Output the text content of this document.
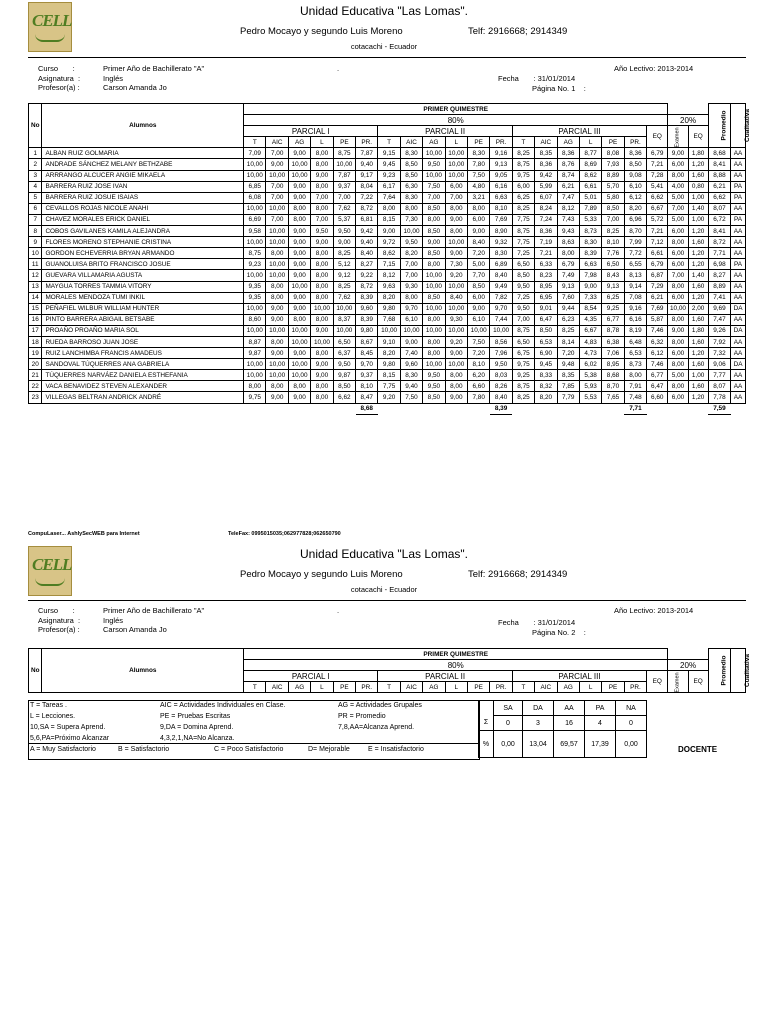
CELL	Unidad Educativa "Las Lomas".
Pedro Mocayo y segundo Luis Moreno	Telf: 2916668; 2914349
cotacachi - Ecuador
Curso       :
Asignatura  :
Profesor(a) :
Primer Año de Bachillerato "A"
Inglés
Carson Amanda Jo
.	Año Lectivo: 2013-2014
Fecha       : 31/01/2014
Página No. 1    :
No	Alumnos	PRIMER QUIMESTRE																					Promedio	Cualitativa
		80%																			20%			
		PARCIAL I						PARCIAL II						PARCIAL III						EQ	Examen	EQ		
		T	AIC	AG	L	PE	PR.	T	AIC	AG	L	PE	PR.	T	AIC	AG	L	PE	PR.					
1	ALBAN RUIZ GOLMARIA	7,09	7,00	9,00	8,00	8,75	7,87	9,15	8,30	10,00	10,00	8,30	9,16	8,25	8,35	8,36	8,77	8,08	8,36	6,79	9,00	1,80	8,68	AA
2	ANDRADE SÁNCHEZ MELANY BETHZABE	10,00	9,00	10,00	8,00	10,00	9,40	9,45	8,50	9,50	10,00	7,80	9,13	8,75	8,36	8,76	8,69	7,93	8,50	7,21	6,00	1,20	8,41	AA
3	ARRRANGO ALCUCER ANGIE MIKAELA	10,00	10,00	10,00	9,00	7,87	9,17	9,23	8,50	10,00	10,00	7,50	9,05	9,75	9,42	8,74	8,62	8,89	9,08	7,28	8,00	1,60	8,88	AA
4	BARRERA RUIZ JOSE IVAN	6,85	7,00	9,00	8,00	9,37	8,04	6,17	6,30	7,50	6,00	4,80	6,16	6,00	5,99	6,21	6,61	5,70	6,10	5,41	4,00	0,80	6,21	PA
5	BARRERA RUIZ JOSUE ISAIAS	6,08	7,00	9,00	7,00	7,00	7,22	7,64	8,30	7,00	7,00	3,21	6,63	6,25	6,07	7,47	5,01	5,80	6,12	6,62	5,00	1,00	6,62	PA
6	CEVALLOS ROJAS NICOLE ANAHI	10,00	10,00	8,00	8,00	7,62	8,72	8,00	8,00	8,50	8,00	8,00	8,10	8,25	8,24	8,12	7,89	8,50	8,20	6,67	7,00	1,40	8,07	AA
7	CHAVEZ MORALES ERICK DANIEL	6,69	7,00	8,00	7,00	5,37	6,81	8,15	7,30	8,00	9,00	6,00	7,69	7,75	7,24	7,43	5,33	7,00	6,96	5,72	5,00	1,00	6,72	PA
8	COBOS GAVILANES KAMILA ALEJANDRA	9,58	10,00	9,00	9,50	9,50	9,42	9,00	10,00	8,50	8,00	9,00	8,90	8,75	8,36	9,43	8,73	8,25	8,70	7,21	6,00	1,20	8,41	AA
9	FLORES MORENO STEPHANIE CRISTINA	10,00	10,00	9,00	9,00	9,00	9,40	9,72	9,50	9,00	10,00	8,40	9,32	7,75	7,19	8,63	8,30	8,10	7,99	7,12	8,00	1,60	8,72	AA
10	GORDON ECHEVERRIA BRYAN ARMANDO	8,75	8,00	9,00	8,00	8,25	8,40	8,62	8,20	8,50	9,00	7,20	8,30	7,25	7,21	8,00	8,39	7,76	7,72	6,61	6,00	1,20	7,71	AA
11	GUANOLUISA BRITO FRANCISCO JOSUE	9,23	10,00	9,00	8,00	5,12	8,27	7,15	7,00	8,00	7,30	5,00	6,89	6,50	6,33	6,79	6,63	6,50	6,55	6,79	6,00	1,20	6,98	PA
12	GUEVARA VILLAMARIA AGUSTA	10,00	10,00	9,00	8,00	9,12	9,22	8,12	7,00	10,00	9,20	7,70	8,40	8,50	8,23	7,49	7,98	8,43	8,13	6,87	7,00	1,40	8,27	AA
13	MAYGUA TORRES TAMMIA VITORY	9,35	8,00	10,00	8,00	8,25	8,72	9,63	9,30	10,00	10,00	8,50	9,49	9,50	8,95	9,13	9,00	9,13	9,14	7,29	8,00	1,60	8,89	AA
14	MORALES MENDOZA TUMI INKIL	9,35	8,00	9,00	8,00	7,62	8,39	8,20	8,00	8,50	8,40	6,00	7,82	7,25	6,95	7,60	7,33	6,25	7,08	6,21	6,00	1,20	7,41	AA
15	PEÑAFIEL WILBUR WILLIAM HUNTER	10,00	9,00	9,00	10,00	10,00	9,60	9,80	9,70	10,00	10,00	9,00	9,70	9,50	9,01	9,44	8,54	9,25	9,16	7,69	10,00	2,00	9,69	DA
16	PINTO BARRERA ABIGAIL BETSABE	8,60	9,00	8,00	8,00	8,37	8,39	7,68	6,10	8,00	9,30	6,10	7,44	7,00	6,47	6,23	4,35	6,77	6,16	5,87	8,00	1,60	7,47	AA
17	PROAÑO PROAÑO MARIA SOL	10,00	10,00	10,00	9,00	10,00	9,80	10,00	10,00	10,00	10,00	10,00	10,00	8,75	8,50	8,25	6,67	8,78	8,19	7,46	9,00	1,80	9,26	DA
18	RUEDA BARROSO JUAN JOSE	8,87	8,00	10,00	10,00	6,50	8,67	9,10	9,00	8,00	9,20	7,50	8,56	6,50	6,53	8,14	4,83	6,38	6,48	6,32	8,00	1,60	7,92	AA
19	RUIZ LANCHIMBA FRANCIS AMADEUS	9,87	9,00	9,00	8,00	6,37	8,45	8,20	7,40	8,00	9,00	7,20	7,96	6,75	6,90	7,20	4,73	7,06	6,53	6,12	6,00	1,20	7,32	AA
20	SANDOVAL TÚQUERRES ANA GABRIELA	10,00	10,00	10,00	9,00	9,50	9,70	9,80	9,60	10,00	10,00	8,10	9,50	9,75	9,45	9,48	6,02	8,95	8,73	7,46	8,00	1,60	9,06	DA
21	TÚQUERRES NARVÁEZ DANIELA ESTHEFANIA	10,00	10,00	10,00	9,00	9,87	9,37	8,15	8,30	9,50	8,00	6,20	8,03	9,25	8,33	8,35	5,38	8,68	8,00	6,77	5,00	1,00	7,77	AA
22	VACA BENAVIDEZ STEVEN ALEXANDER	8,00	8,00	8,00	8,00	8,50	8,10	7,75	9,40	9,50	8,00	6,60	8,26	8,75	8,32	7,85	5,93	8,70	7,91	6,47	8,00	1,60	8,07	AA
23	VILLEGAS BELTRAN ANDRICK ANDRÉ	9,75	9,00	9,00	8,00	6,62	8,47	9,20	7,50	8,50	9,00	7,80	8,40	8,25	8,20	7,79	5,53	7,65	7,48	6,60	6,00	1,20	7,78	AA
							8,68						8,39						7,71				7,59	
CompuLaser... AshlySecWEB para Internet	TeleFax: 0995015035;062977828;062650790
CELL
Unidad Educativa "Las Lomas".
Pedro Mocayo y segundo Luis Moreno	Telf: 2916668; 2914349
cotacachi - Ecuador
Curso       :
Asignatura  :
Profesor(a) :
Primer Año de Bachillerato "A"
Inglés
Carson Amanda Jo
.	Año Lectivo: 2013-2014
Fecha       : 31/01/2014
Página No. 2    :
No	Alumnos	PRIMER QUIMESTRE																					Promedio	Cualitativa
		80%																			20%			
		PARCIAL I						PARCIAL II						PARCIAL III						EQ	Examen	EQ		
		T	AIC	AG	L	PE	PR.	T	AIC	AG	L	PE	PR.	T	AIC	AG	L	PE	PR.					
T = Tareas .	AIC = Actividades Individuales en Clase.	AG = Actividades Grupales
L = Lecciones.	PE = Pruebas Escritas	PR = Promedio
10,SA = Supera Aprend.	9,DA = Domina Aprend.	7,8,AA=Alcanza Aprend.
5,6,PA=Próximo Alcanzar	4,3,2,1,NA=No Alcanza.
A = Muy Satisfactorio	B = Satisfactorio	C = Poco Satisfactorio	D= Mejorable	E = Insatisfactorio
	SA	DA	AA	PA	NA
Σ	0	3	16	4	0
%	0,00	13,04	69,57	17,39	0,00
DOCENTE
